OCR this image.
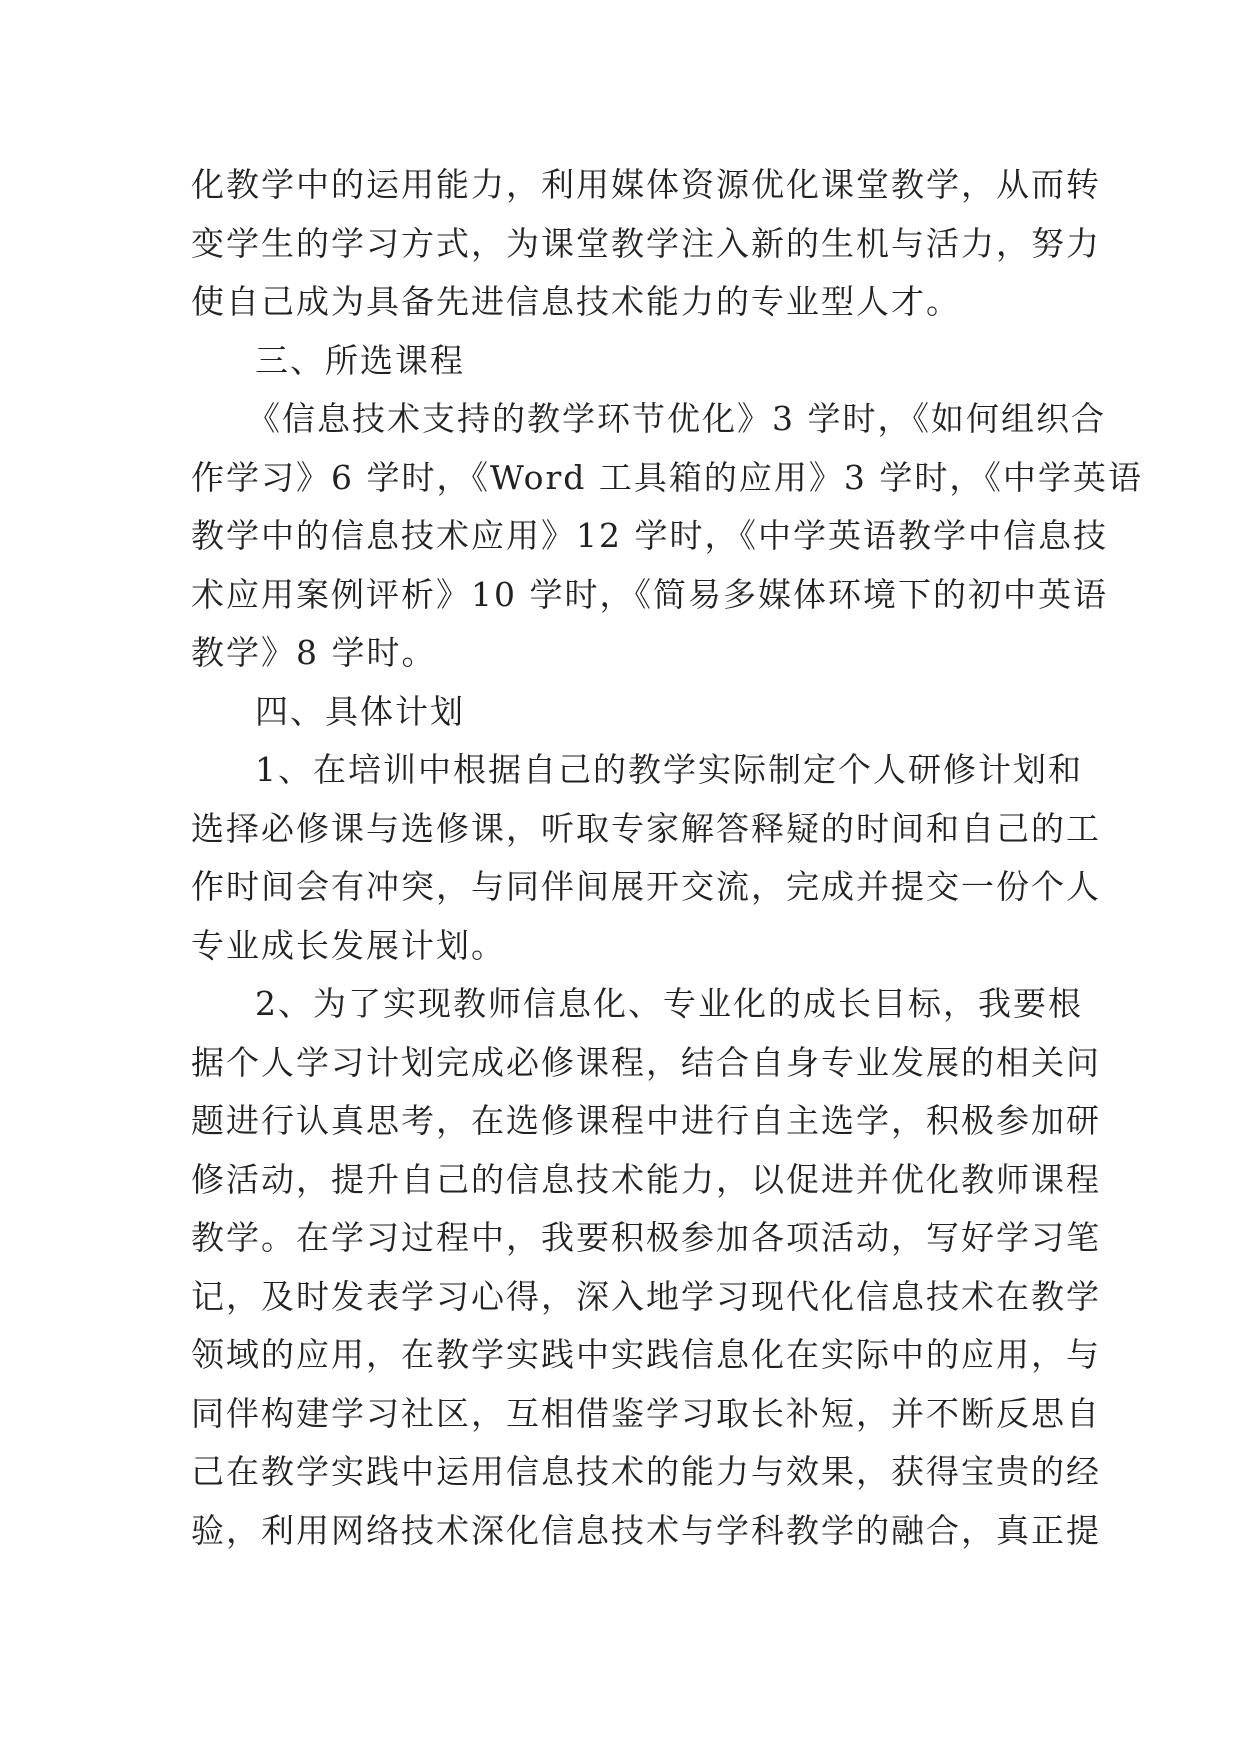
化教学中的运用能力，利用媒体资源优化课堂教学，从而转
变学生的学习方式，为课堂教学注入新的生机与活力，努力
使自己成为具备先进信息技术能力的专业型人才。
三、所选课程
《信息技术支持的教学环节优化》3 学时，《如何组织合
作学习》6 学时，《Word 工具箱的应用》3 学时，《中学英语
教学中的信息技术应用》12 学时，《中学英语教学中信息技
术应用案例评析》10 学时，《简易多媒体环境下的初中英语
教学》8 学时。
四、具体计划
1、在培训中根据自己的教学实际制定个人研修计划和
选择必修课与选修课，听取专家解答释疑的时间和自己的工
作时间会有冲突，与同伴间展开交流，完成并提交一份个人
专业成长发展计划。
2、为了实现教师信息化、专业化的成长目标，我要根
据个人学习计划完成必修课程，结合自身专业发展的相关问
题进行认真思考，在选修课程中进行自主选学，积极参加研
修活动，提升自己的信息技术能力，以促进并优化教师课程
教学。在学习过程中，我要积极参加各项活动，写好学习笔
记，及时发表学习心得，深入地学习现代化信息技术在教学
领域的应用，在教学实践中实践信息化在实际中的应用，与
同伴构建学习社区，互相借鉴学习取长补短，并不断反思自
己在教学实践中运用信息技术的能力与效果，获得宝贵的经
验，利用网络技术深化信息技术与学科教学的融合，真正提
